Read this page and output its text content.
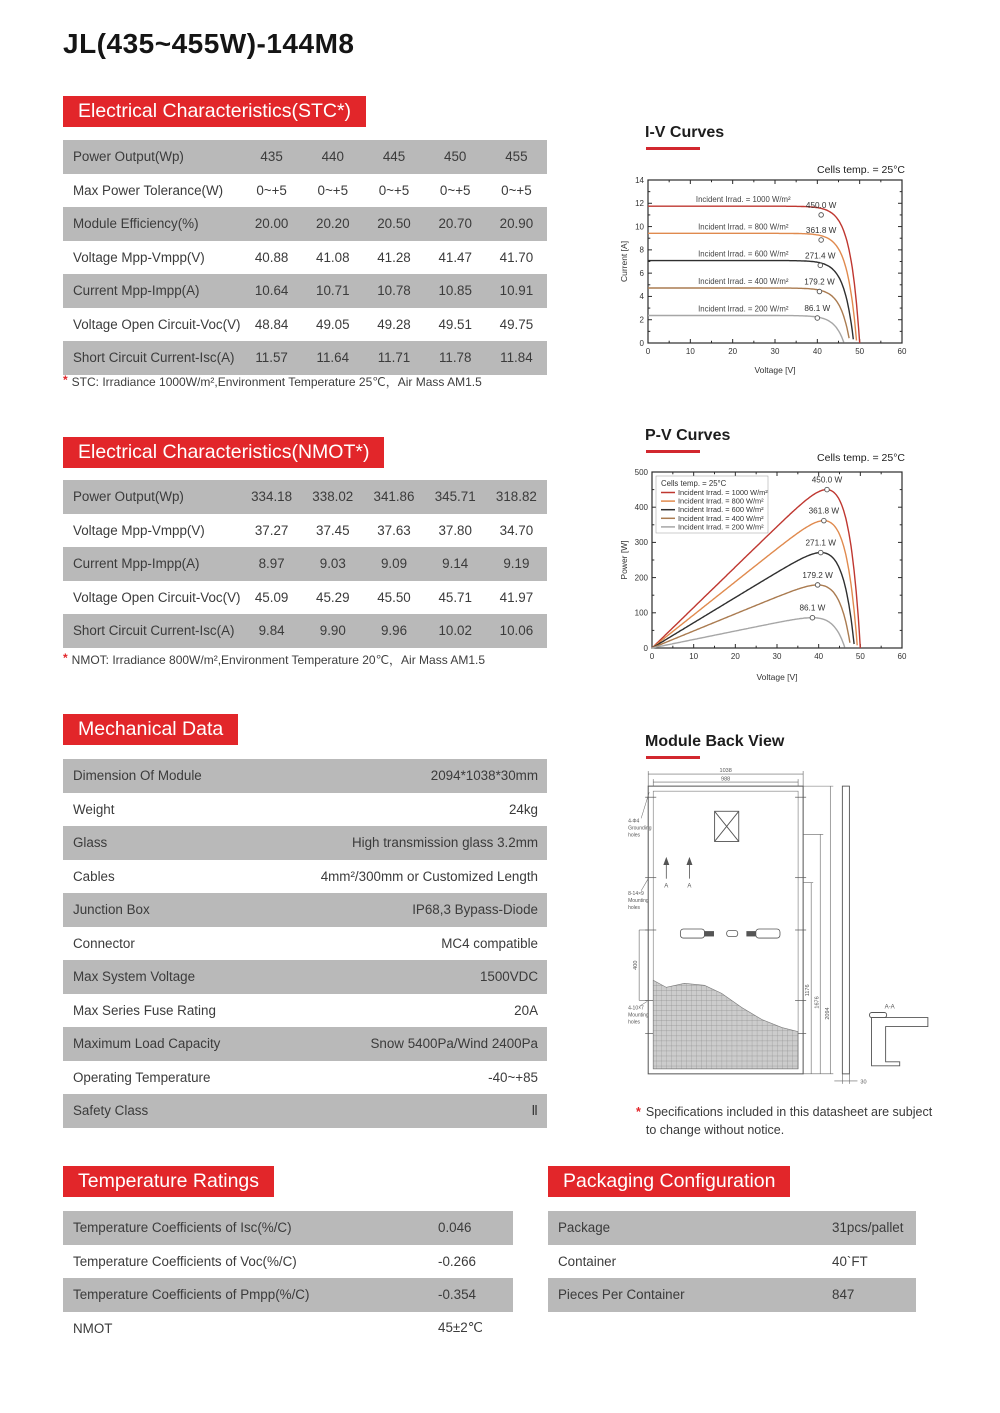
JL(435~455W)-144M8
Electrical Characteristics(STC*)
Power Output(Wp)	435	440	445	450	455
Max Power Tolerance(W)	0~+5	0~+5	0~+5	0~+5	0~+5
Module Efficiency(%)	20.00	20.20	20.50	20.70	20.90
Voltage Mpp-Vmpp(V)	40.88	41.08	41.28	41.47	41.70
Current Mpp-Impp(A)	10.64	10.71	10.78	10.85	10.91
Voltage Open Circuit-Voc(V)	48.84	49.05	49.28	49.51	49.75
Short Circuit Current-Isc(A)	11.57	11.64	11.71	11.78	11.84
* STC: Irradiance 1000W/m²,Environment Temperature 25℃，Air Mass AM1.5
Electrical Characteristics(NMOT*)
Power Output(Wp)	334.18	338.02	341.86	345.71	318.82
Voltage Mpp-Vmpp(V)	37.27	37.45	37.63	37.80	34.70
Current Mpp-Impp(A)	8.97	9.03	9.09	9.14	9.19
Voltage Open Circuit-Voc(V)	45.09	45.29	45.50	45.71	41.97
Short Circuit Current-Isc(A)	9.84	9.90	9.96	10.02	10.06
* NMOT: Irradiance 800W/m²,Environment Temperature 20℃，Air Mass AM1.5
Mechanical Data
Dimension Of Module	2094*1038*30mm
Weight	24kg
Glass	High transmission glass 3.2mm
Cables	4mm²/300mm or Customized Length
Junction Box	IP68,3 Bypass-Diode
Connector	MC4 compatible
Max System Voltage	1500VDC
Max Series Fuse Rating	20A
Maximum Load Capacity	Snow 5400Pa/Wind 2400Pa
Operating Temperature	-40~+85
Safety Class	Ⅱ
Temperature Ratings
Temperature Coefficients of Isc(%/C)	0.046
Temperature Coefficients of Voc(%/C)	-0.266
Temperature Coefficients of Pmpp(%/C)	-0.354
NMOT	45±2℃
Packaging Configuration
Package	31pcs/pallet
Container	40`FT
Pieces Per Container	847
I-V Curves
Cells temp. = 25°C
0	10	20	30	40	50	60
0
2
4
6
8
10
12
14
Voltage [V]
Current [A]
450.0 W
Incident Irrad. = 1000 W/m²
361.8 W
Incident Irrad. = 800 W/m²
271.4 W
Incident Irrad. = 600 W/m²
179.2 W
Incident Irrad. = 400 W/m²
86.1 W
Incident Irrad. = 200 W/m²
P-V Curves
Cells temp. = 25°C
0	10	20	30	40	50	60
0
100
200
300
400
500
Voltage [V]
Power [W]
450.0 W
361.8 W
271.1 W
179.2 W
86.1 W
Cells temp. = 25°C
Incident Irrad. = 1000 W/m²
Incident Irrad. = 800 W/m²
Incident Irrad. = 600 W/m²
Incident Irrad. = 400 W/m²
Incident Irrad. = 200 W/m²
Module Back View
1038
988
A	A
4-Φ4
Grounding
holes
8-14×9
Mounting
holes
4-10×7
Mounting
holes
400
1176
1676
2094
30
A-A
* Specifications included in this datasheet are subject to change without notice.
